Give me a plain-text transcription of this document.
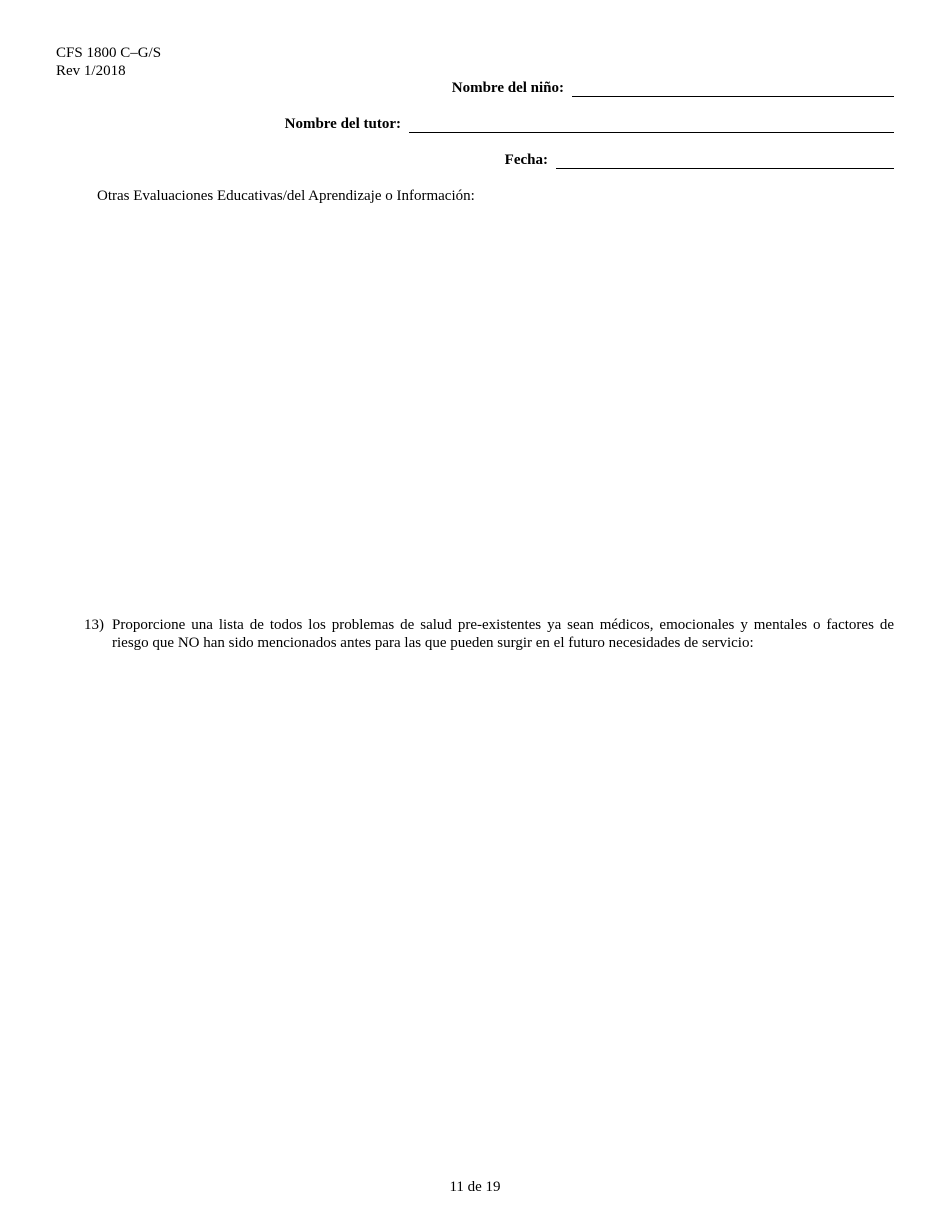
CFS 1800 C–G/S
Rev 1/2018
Nombre del niño:
Nombre del tutor:
Fecha:
Otras Evaluaciones Educativas/del Aprendizaje o Información:
13) Proporcione una lista de todos los problemas de salud pre-existentes ya sean médicos, emocionales y mentales o factores de riesgo que NO han sido mencionados antes para las que pueden surgir en el futuro necesidades de servicio:
11 de 19
